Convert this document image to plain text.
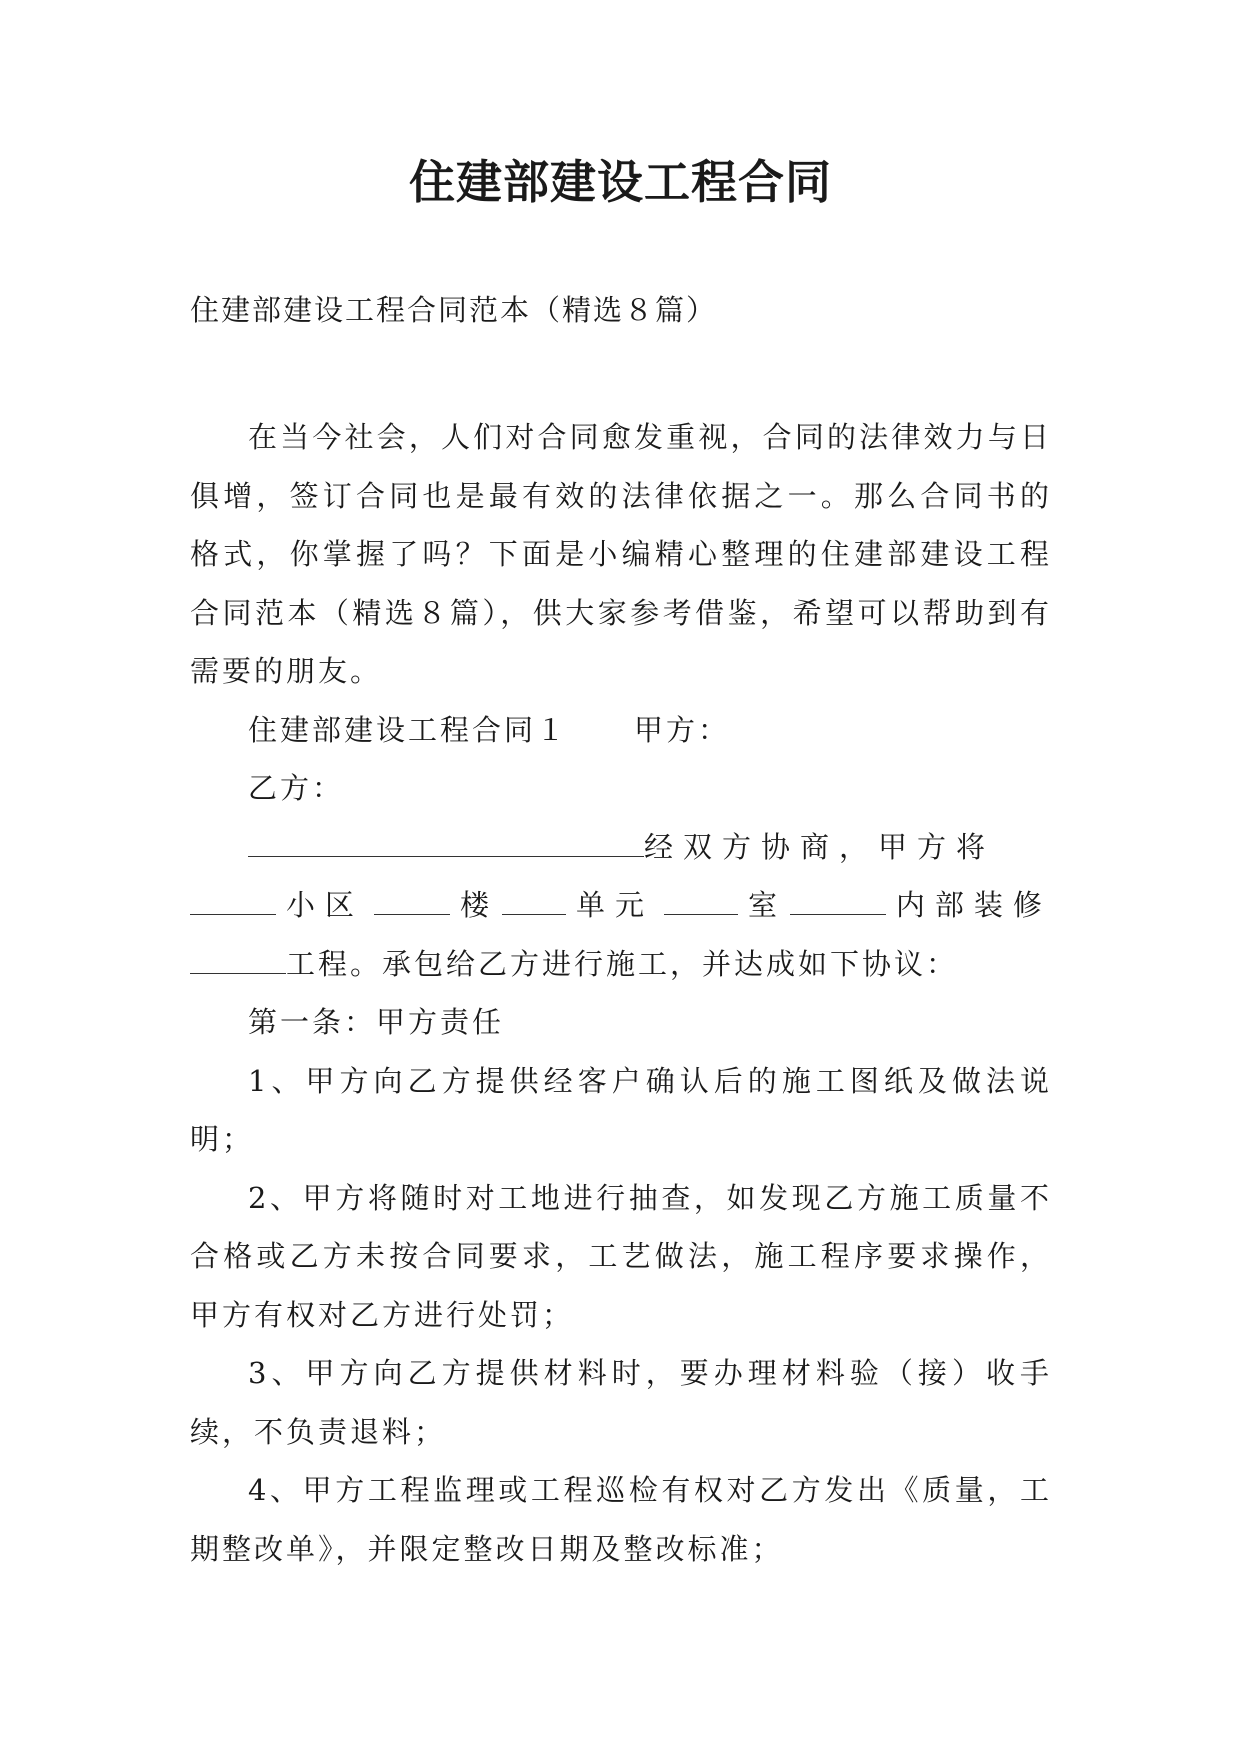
住建部建设工程合同
住建部建设工程合同范本（精选８篇）

在当今社会，人们对合同愈发重视，合同的法律效力与日俱增，签订合同也是最有效的法律依据之一。那么合同书的格式，你掌握了吗？下面是小编精心整理的住建部建设工程合同范本（精选８篇），供大家参考借鉴，希望可以帮助到有需要的朋友。

住建部建设工程合同１ 甲方：

乙方：

经双方协商，甲方将

小区	楼	单元	室	内部装修

工程。承包给乙方进行施工，并达成如下协议：

第一条：甲方责任

1、甲方向乙方提供经客户确认后的施工图纸及做法说明；

2、甲方将随时对工地进行抽查，如发现乙方施工质量不合格或乙方未按合同要求，工艺做法，施工程序要求操作，甲方有权对乙方进行处罚；

3、甲方向乙方提供材料时，要办理材料验（接）收手续，不负责退料；

4、甲方工程监理或工程巡检有权对乙方发出《质量，工期整改单》，并限定整改日期及整改标准；
